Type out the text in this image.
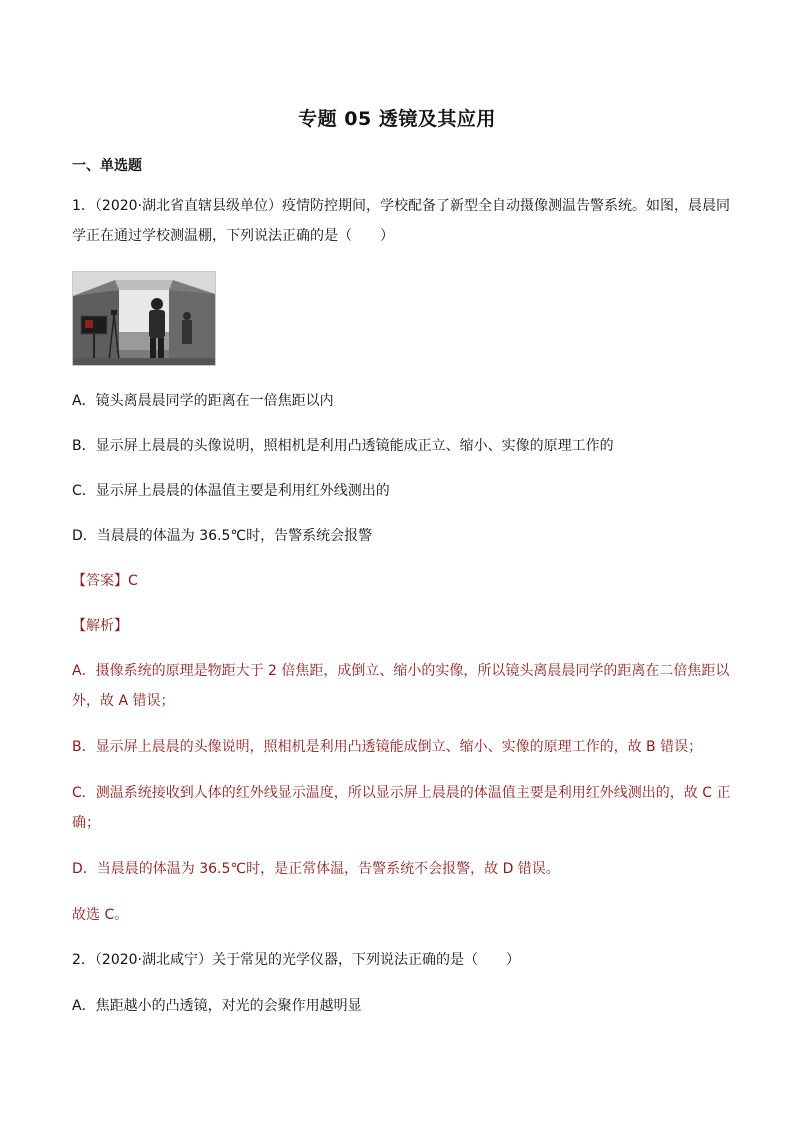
专题 05 透镜及其应用
一、单选题
1．（2020·湖北省直辖县级单位）疫情防控期间，学校配备了新型全自动摄像测温告警系统。如图，晨晨同
学正在通过学校测温棚，下列说法正确的是（　　）
A．镜头离晨晨同学的距离在一倍焦距以内
B．显示屏上晨晨的头像说明，照相机是利用凸透镜能成正立、缩小、实像的原理工作的
C．显示屏上晨晨的体温值主要是利用红外线测出的
D．当晨晨的体温为 36.5℃时，告警系统会报警
【答案】C
【解析】
A．摄像系统的原理是物距大于 2 倍焦距，成倒立、缩小的实像，所以镜头离晨晨同学的距离在二倍焦距以
外，故 A 错误；
B．显示屏上晨晨的头像说明，照相机是利用凸透镜能成倒立、缩小、实像的原理工作的，故 B 错误；
C．测温系统接收到人体的红外线显示温度，所以显示屏上晨晨的体温值主要是利用红外线测出的，故 C 正
确；
D．当晨晨的体温为 36.5℃时，是正常体温，告警系统不会报警，故 D 错误。
故选 C。
2．（2020·湖北咸宁）关于常见的光学仪器，下列说法正确的是（　　）
A．焦距越小的凸透镜，对光的会聚作用越明显
